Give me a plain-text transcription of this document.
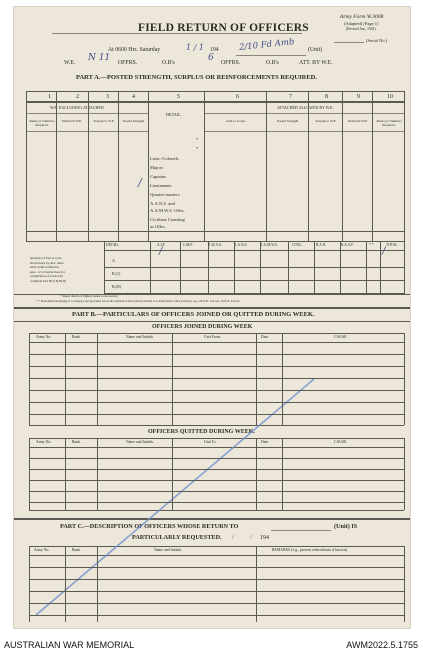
FIELD RETURN OF OFFICERS
Army Form W.3008
(Adapted) (Page 1)
(Revised Jan., 1942)
(Serial No.)
At 0600 Hrs. Saturday	1 / 1 194 2/10 Fd Amb (Unit)
W.E. N 11 OFFRS.	O.R's	6 OFFRS.	O.R's	ATT. BY W.E.
PART A.—POSTED STRENGTH, SURPLUS OR REINFORCEMENTS REQUIRED.
W.E. EXCLUDING ATTACHED.	ATTACHED ALLOWED BY W.E.
DETAIL.
*
*
/
/	/
* Insert detail of higher ranks as necessary.
* * Personnel belonging to a category not provided for in the analysis will be shown in this Col. Particulars will be shown, e.g., 26 U.K. Forces; 10 N.Z. Forces.
PART B.—PARTICULARS OF OFFICERS JOINED OR QUITTED DURING WEEK.
OFFICERS JOINED DURING WEEK
OFFICERS QUITTED DURING WEEK.
PART C.—DESCRIPTION OF OFFICERS WHOSE RETURN TO	(Unit) IS
PARTICULARLY REQUESTED. /	/ 194
1	2	3	4	5	6	7	8	9	10
Rank (or Number) Required.
Deficient W.E.	Surplus to W.E.	Posted Strength.	Arm or Corps.	Posted Strength.	Surplus to W.E.	Deficient W.E.	Rank (or Number) Required.
Lieut.-Colonels
Majors
Captains
Lieutenants
Quarter-masters
A.A.N.S. and
A.A.M.W.S. Offrs.
Civilians Counting
as Offrs.
Analysis of Part A to be
shown here by ALL units.
Only items notified in
para. 12 of instructions for
compilation of form will
complete Part B(1) & B(II)
DETAIL.	A.I.F.	C.M.F.	A.W.A.S.	A.A.N.S.	A.A.M.W.S.	CIVIL.	R.A.N.	R.A.A.F.	* *	TOTAL.
A.
B.(1)
B.(II)
Army No.	Rank.	Name and Initials.	Unit From.	Date.	CAUSE.
Army No.	Rank.	Name and Initials.	Unit To.	Date.	CAUSE.
Army No.	Rank.	Name and Initials.	REMARKS (e.g., present whereabouts if known).
AUSTRALIAN WAR MEMORIAL	AWM2022.5.1755
